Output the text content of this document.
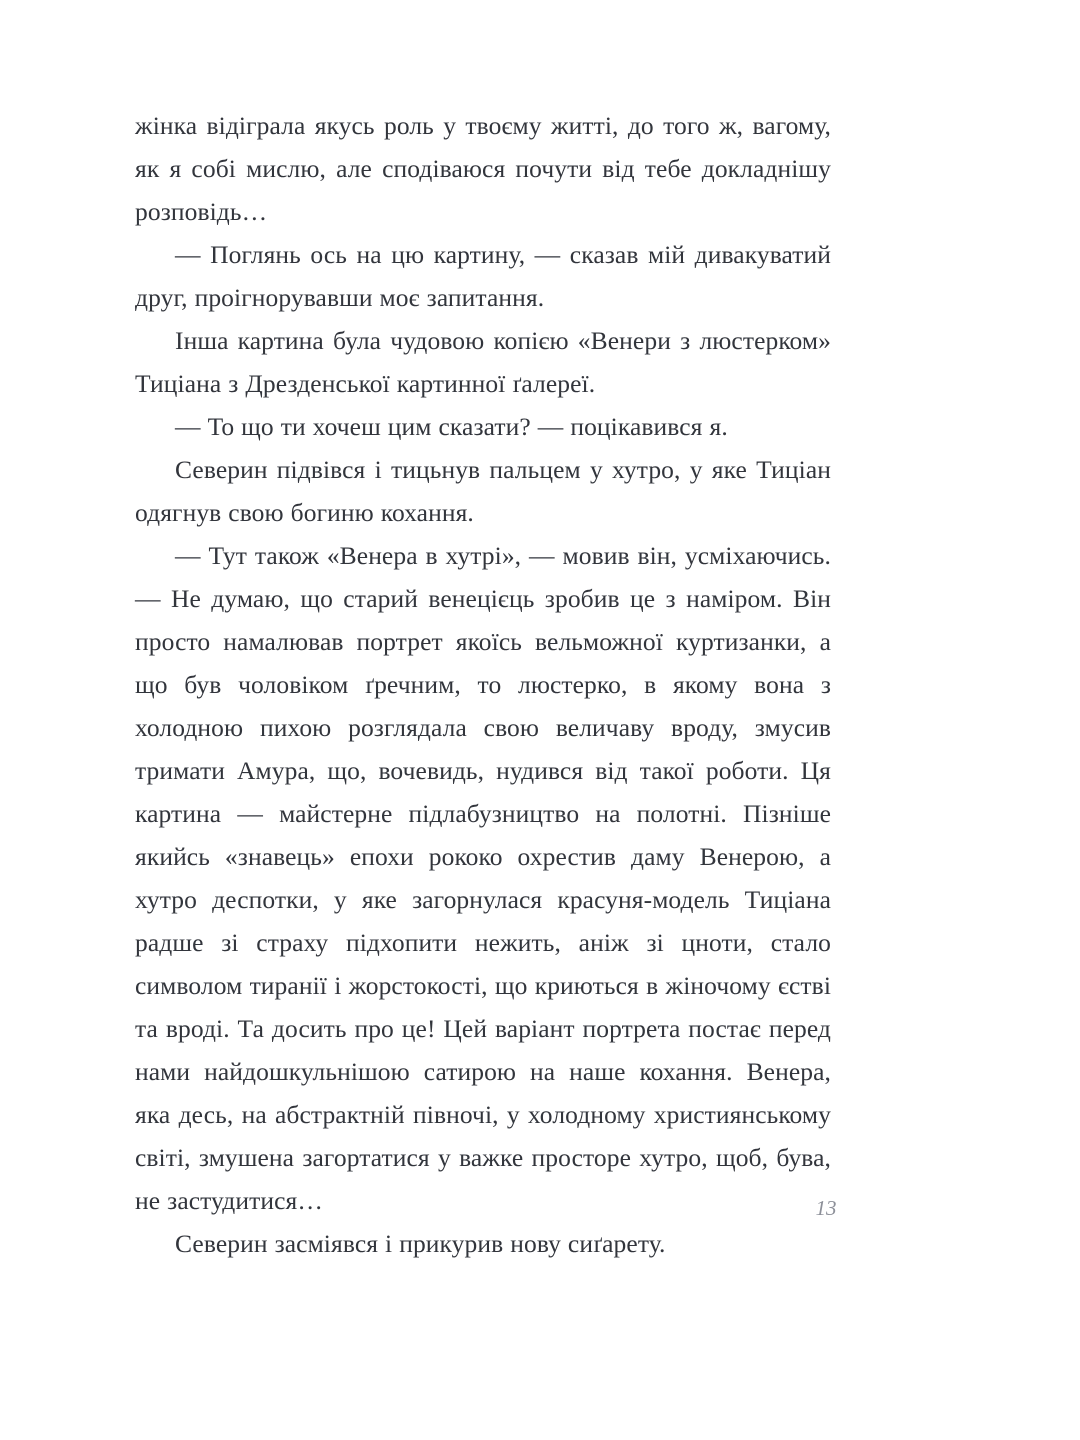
жінка відіграла якусь роль у твоєму житті, до того ж, вагому, як я собі мислю, але сподіваюся почути від тебе докладнішу розповідь…

— Поглянь ось на цю картину, — сказав мій дивакуватий друг, проігнорувавши моє запитання.

Інша картина була чудовою копією «Венери з люстерком» Тиціана з Дрезденської картинної ґалереї.

— То що ти хочеш цим сказати? — поцікавився я.

Северин підвівся і тицьнув пальцем у хутро, у яке Тиціан одягнув свою богиню кохання.

— Тут також «Венера в хутрі», — мовив він, усміхаючись. — Не думаю, що старий венецієць зробив це з наміром. Він просто намалював портрет якоїсь вельможної куртизанки, а що був чоловіком ґречним, то люстерко, в якому вона з холодною пихою розглядала свою величаву вроду, змусив тримати Амура, що, вочевидь, нудився від такої роботи. Ця картина — майстерне підлабузництво на полотні. Пізніше якийсь «знавець» епохи рококо охрестив даму Венерою, а хутро деспотки, у яке загорнулася красуня-модель Тиціана радше зі страху підхопити нежить, аніж зі цноти, стало символом тиранії і жорстокості, що криються в жіночому єстві та вроді. Та досить про це! Цей варіант портрета постає перед нами найдошкульнішою сатирою на наше кохання. Венера, яка десь, на абстрактній півночі, у холодному християнському світі, змушена загортатися у важке просторе хутро, щоб, бува, не застудитися…

Северин засміявся і прикурив нову сиґарету.

13
